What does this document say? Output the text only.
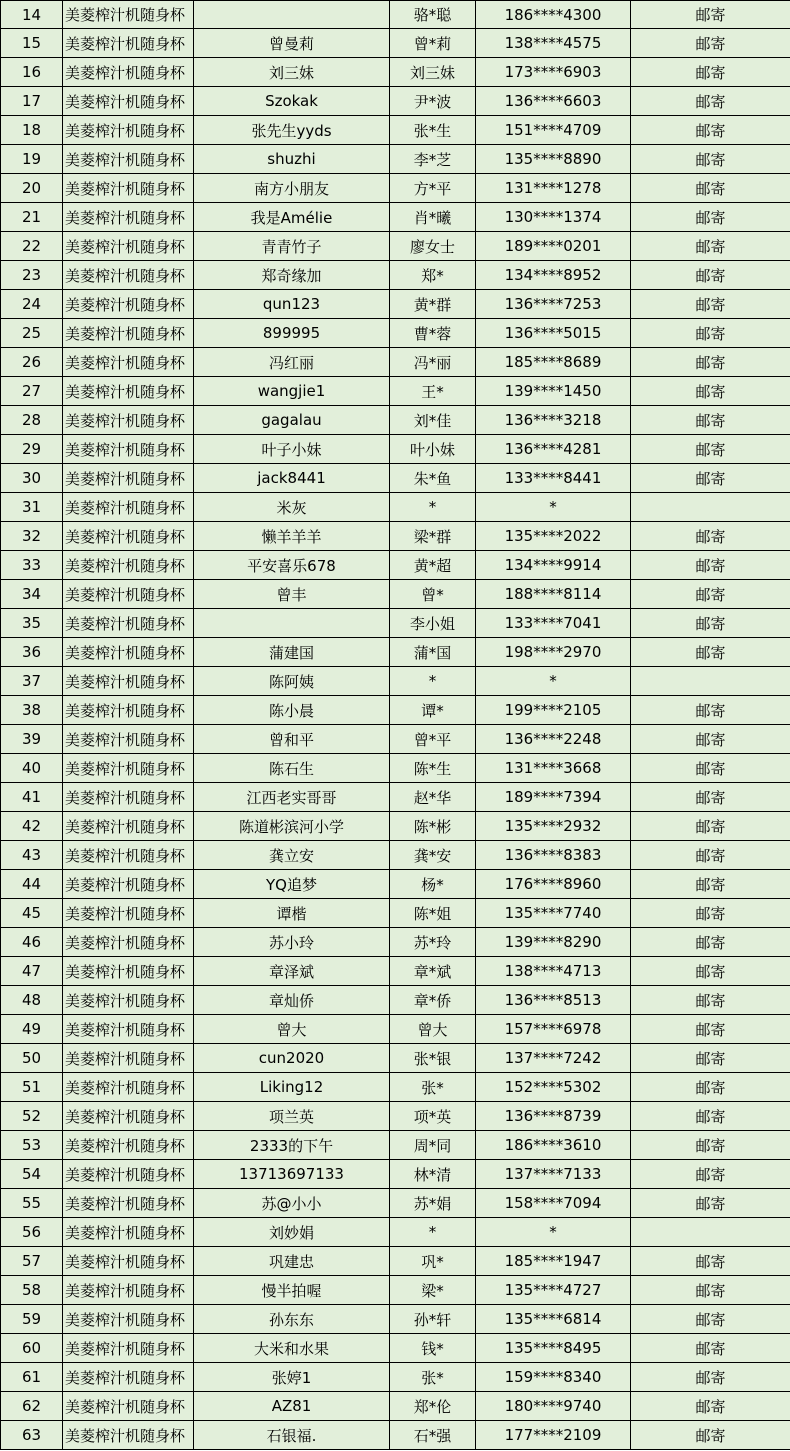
14	美菱榨汁机随身杯		骆*聪	186****4300	邮寄
15	美菱榨汁机随身杯	曾曼莉	曾*莉	138****4575	邮寄
16	美菱榨汁机随身杯	刘三妹	刘三妹	173****6903	邮寄
17	美菱榨汁机随身杯	Szokak	尹*波	136****6603	邮寄
18	美菱榨汁机随身杯	张先生yyds	张*生	151****4709	邮寄
19	美菱榨汁机随身杯	shuzhi	李*芝	135****8890	邮寄
20	美菱榨汁机随身杯	南方小朋友	方*平	131****1278	邮寄
21	美菱榨汁机随身杯	我是Amélie	肖*曦	130****1374	邮寄
22	美菱榨汁机随身杯	青青竹子	廖女士	189****0201	邮寄
23	美菱榨汁机随身杯	郑奇缘加	郑*	134****8952	邮寄
24	美菱榨汁机随身杯	qun123	黄*群	136****7253	邮寄
25	美菱榨汁机随身杯	899995	曹*蓉	136****5015	邮寄
26	美菱榨汁机随身杯	冯红丽	冯*丽	185****8689	邮寄
27	美菱榨汁机随身杯	wangjie1	王*	139****1450	邮寄
28	美菱榨汁机随身杯	gagalau	刘*佳	136****3218	邮寄
29	美菱榨汁机随身杯	叶子小妹	叶小妹	136****4281	邮寄
30	美菱榨汁机随身杯	jack8441	朱*鱼	133****8441	邮寄
31	美菱榨汁机随身杯	米灰	*	*	
32	美菱榨汁机随身杯	懒羊羊羊	梁*群	135****2022	邮寄
33	美菱榨汁机随身杯	平安喜乐678	黄*超	134****9914	邮寄
34	美菱榨汁机随身杯	曾丰	曾*	188****8114	邮寄
35	美菱榨汁机随身杯		李小姐	133****7041	邮寄
36	美菱榨汁机随身杯	蒲建国	蒲*国	198****2970	邮寄
37	美菱榨汁机随身杯	陈阿姨	*	*	
38	美菱榨汁机随身杯	陈小晨	谭*	199****2105	邮寄
39	美菱榨汁机随身杯	曾和平	曾*平	136****2248	邮寄
40	美菱榨汁机随身杯	陈石生	陈*生	131****3668	邮寄
41	美菱榨汁机随身杯	江西老实哥哥	赵*华	189****7394	邮寄
42	美菱榨汁机随身杯	陈道彬滨河小学	陈*彬	135****2932	邮寄
43	美菱榨汁机随身杯	龚立安	龚*安	136****8383	邮寄
44	美菱榨汁机随身杯	YQ追梦	杨*	176****8960	邮寄
45	美菱榨汁机随身杯	谭楷	陈*姐	135****7740	邮寄
46	美菱榨汁机随身杯	苏小玲	苏*玲	139****8290	邮寄
47	美菱榨汁机随身杯	章泽斌	章*斌	138****4713	邮寄
48	美菱榨汁机随身杯	章灿侨	章*侨	136****8513	邮寄
49	美菱榨汁机随身杯	曾大	曾大	157****6978	邮寄
50	美菱榨汁机随身杯	cun2020	张*银	137****7242	邮寄
51	美菱榨汁机随身杯	Liking12	张*	152****5302	邮寄
52	美菱榨汁机随身杯	项兰英	项*英	136****8739	邮寄
53	美菱榨汁机随身杯	2333的下午	周*同	186****3610	邮寄
54	美菱榨汁机随身杯	13713697133	林*清	137****7133	邮寄
55	美菱榨汁机随身杯	苏@小小	苏*娟	158****7094	邮寄
56	美菱榨汁机随身杯	刘妙娟	*	*	
57	美菱榨汁机随身杯	巩建忠	巩*	185****1947	邮寄
58	美菱榨汁机随身杯	慢半拍喔	梁*	135****4727	邮寄
59	美菱榨汁机随身杯	孙东东	孙*轩	135****6814	邮寄
60	美菱榨汁机随身杯	大米和水果	钱*	135****8495	邮寄
61	美菱榨汁机随身杯	张婷1	张*	159****8340	邮寄
62	美菱榨汁机随身杯	AZ81	郑*伦	180****9740	邮寄
63	美菱榨汁机随身杯	石银福.	石*强	177****2109	邮寄
